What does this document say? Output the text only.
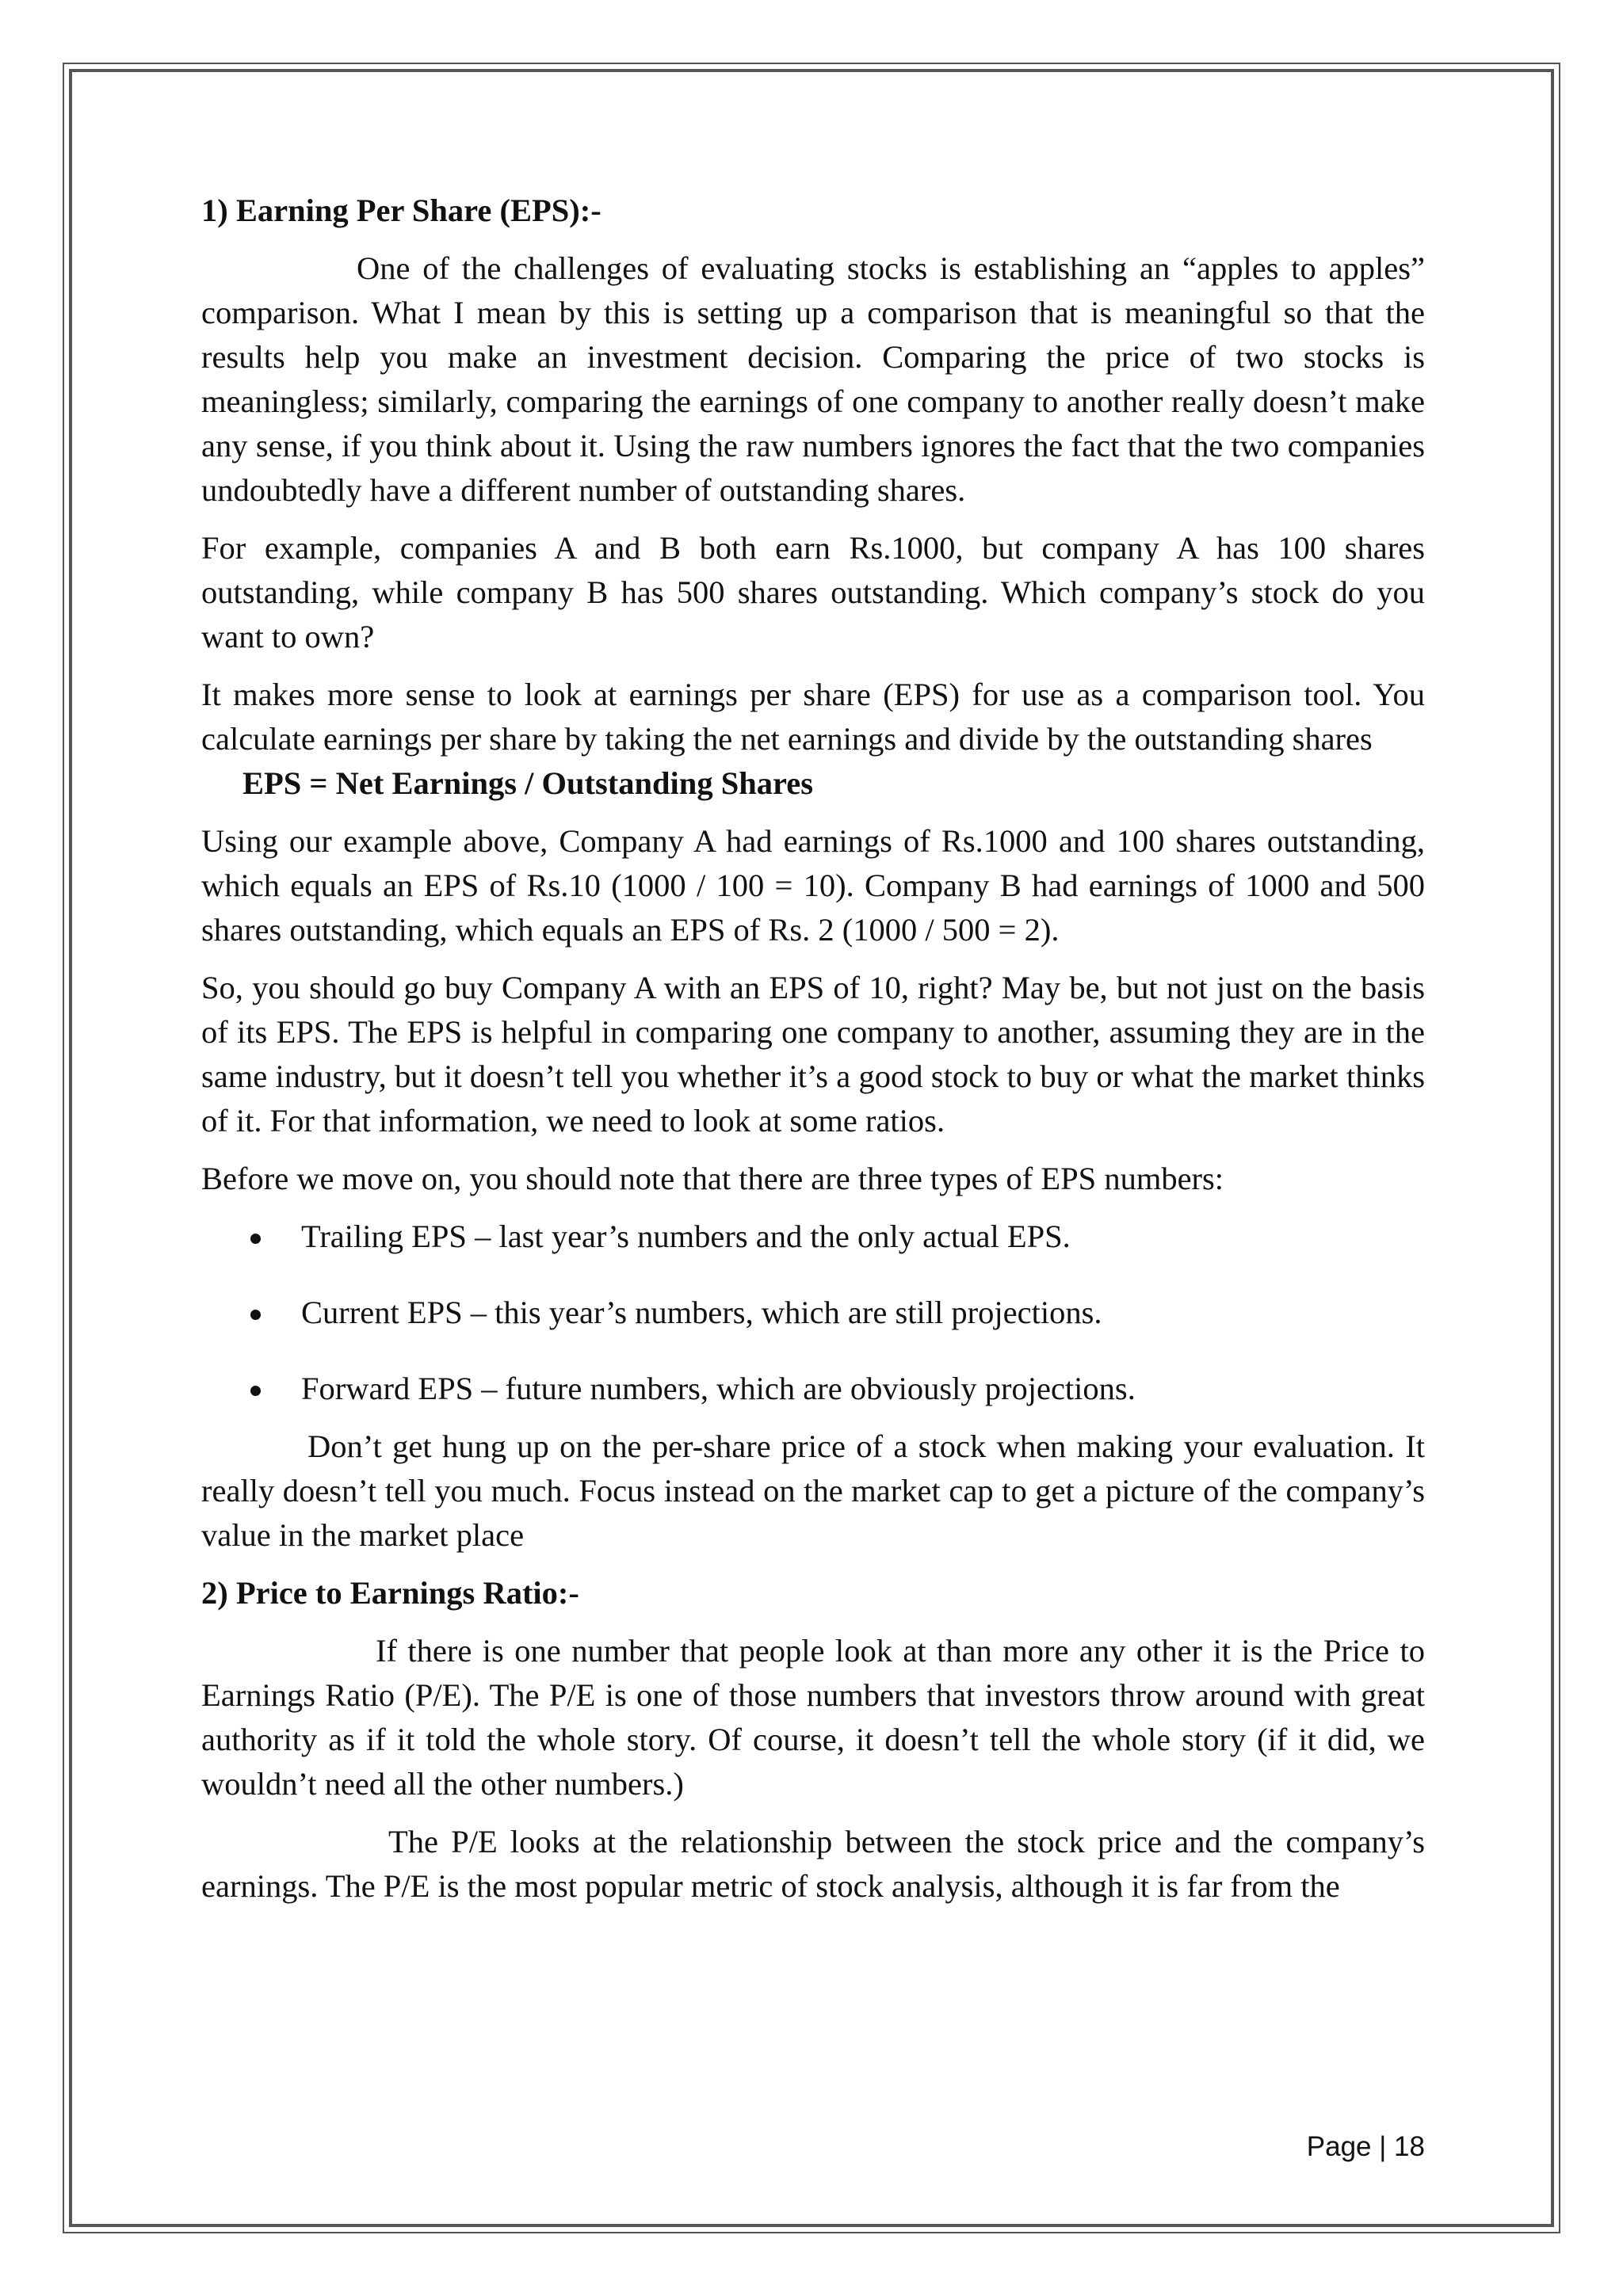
1) Earning Per Share (EPS):-

One of the challenges of evaluating stocks is establishing an “apples to apples” comparison. What I mean by this is setting up a comparison that is meaningful so that the results help you make an investment decision. Comparing the price of two stocks is meaningless; similarly, comparing the earnings of one company to another really doesn’t make any sense, if you think about it. Using the raw numbers ignores the fact that the two companies undoubtedly have a different number of outstanding shares.

For example, companies A and B both earn Rs.1000, but company A has 100 shares outstanding, while company B has 500 shares outstanding. Which company’s stock do you want to own?

It makes more sense to look at earnings per share (EPS) for use as a comparison tool. You calculate earnings per share by taking the net earnings and divide by the outstanding shares

EPS = Net Earnings / Outstanding Shares

Using our example above, Company A had earnings of Rs.1000 and 100 shares outstanding, which equals an EPS of Rs.10 (1000 / 100 = 10). Company B had earnings of 1000 and 500 shares outstanding, which equals an EPS of Rs. 2 (1000 / 500 = 2).

So, you should go buy Company A with an EPS of 10, right? May be, but not just on the basis of its EPS. The EPS is helpful in comparing one company to another, assuming they are in the same industry, but it doesn’t tell you whether it’s a good stock to buy or what the market thinks of it. For that information, we need to look at some ratios.

Before we move on, you should note that there are three types of EPS numbers:

Trailing EPS – last year’s numbers and the only actual EPS.
Current EPS – this year’s numbers, which are still projections.
Forward EPS – future numbers, which are obviously projections.

Don’t get hung up on the per-share price of a stock when making your evaluation. It really doesn’t tell you much. Focus instead on the market cap to get a picture of the company’s value in the market place

2) Price to Earnings Ratio:-

If there is one number that people look at than more any other it is the Price to Earnings Ratio (P/E). The P/E is one of those numbers that investors throw around with great authority as if it told the whole story. Of course, it doesn’t tell the whole story (if it did, we wouldn’t need all the other numbers.)

The P/E looks at the relationship between the stock price and the company’s earnings. The P/E is the most popular metric of stock analysis, although it is far from the

Page | 18
